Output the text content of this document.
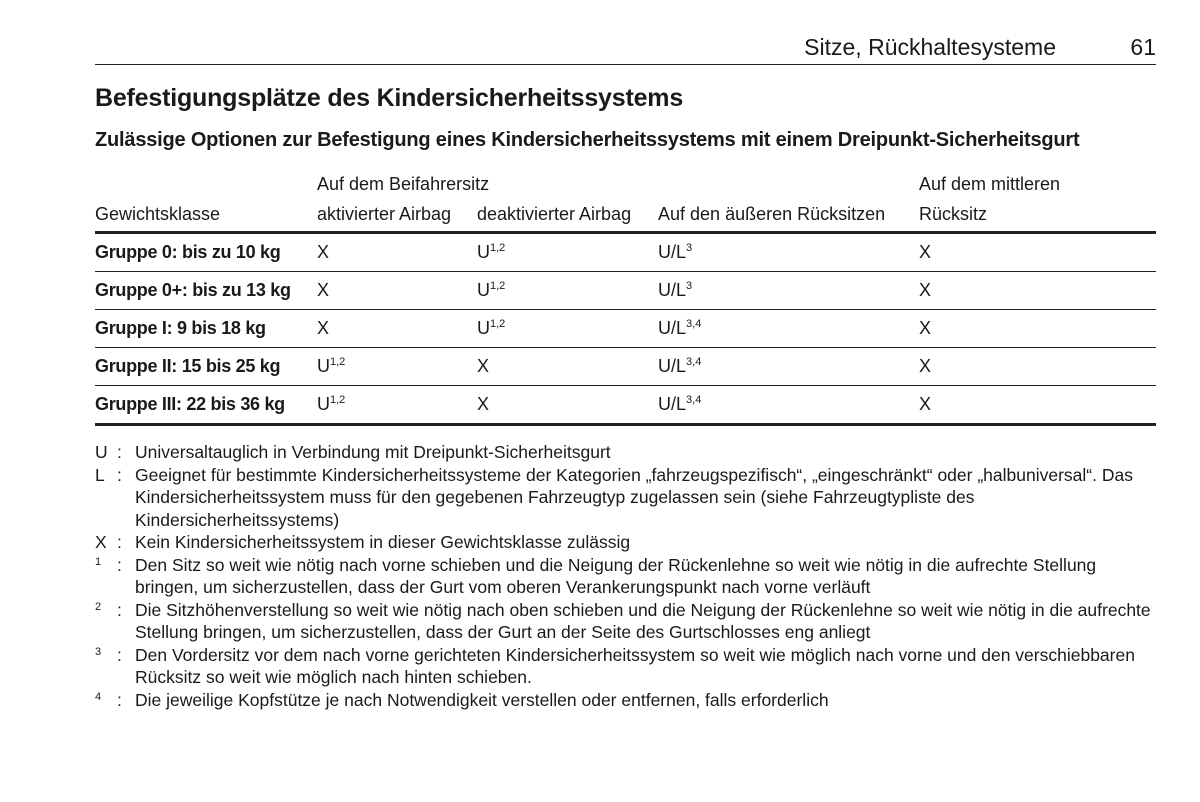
Sitze, Rückhaltesysteme	61
Befestigungsplätze des Kindersicherheitssystems
Zulässige Optionen zur Befestigung eines Kindersicherheitssystems mit einem Dreipunkt-Sicherheitsgurt
	Auf dem Beifahrersitz			Auf dem mittleren
Gewichtsklasse	aktivierter Airbag	deaktivierter Airbag	Auf den äußeren Rücksitzen	Rücksitz
Gruppe 0: bis zu 10 kg	X	U$^{1,2}$	$U/L^3$	X
Gruppe 0+: bis zu 13 kg	X	U$^{1,2}$	$U/L^3$	X
Gruppe I: 9 bis 18 kg	X	U$^{1,2}$	$U/L^{3,4}$	X
Gruppe II: 15 bis 25 kg	U$^{1,2}$	X	$U/L^{3,4}$	X
Gruppe III: 22 bis 36 kg	U$^{1,2}$	X	$U/L^{3,4}$	X
U : Universaltauglich in Verbindung mit Dreipunkt-Sicherheitsgurt
L : Geeignet für bestimmte Kindersicherheitssysteme der Kategorien „fahrzeugspezifisch“, „eingeschränkt“ oder „halbuniversal“. Das Kindersicherheitssystem muss für den gegebenen Fahrzeugtyp zugelassen sein (siehe Fahrzeugtypliste des Kindersicherheitssystems)
X : Kein Kindersicherheitssystem in dieser Gewichtsklasse zulässig
1 : Den Sitz so weit wie nötig nach vorne schieben und die Neigung der Rückenlehne so weit wie nötig in die aufrechte Stellung bringen, um sicherzustellen, dass der Gurt vom oberen Verankerungspunkt nach vorne verläuft
2 : Die Sitzhöhenverstellung so weit wie nötig nach oben schieben und die Neigung der Rückenlehne so weit wie nötig in die aufrechte Stellung bringen, um sicherzustellen, dass der Gurt an der Seite des Gurtschlosses eng anliegt
3 : Den Vordersitz vor dem nach vorne gerichteten Kindersicherheitssystem so weit wie möglich nach vorne und den verschiebbaren Rücksitz so weit wie möglich nach hinten schieben.
4 : Die jeweilige Kopfstütze je nach Notwendigkeit verstellen oder entfernen, falls erforderlich
